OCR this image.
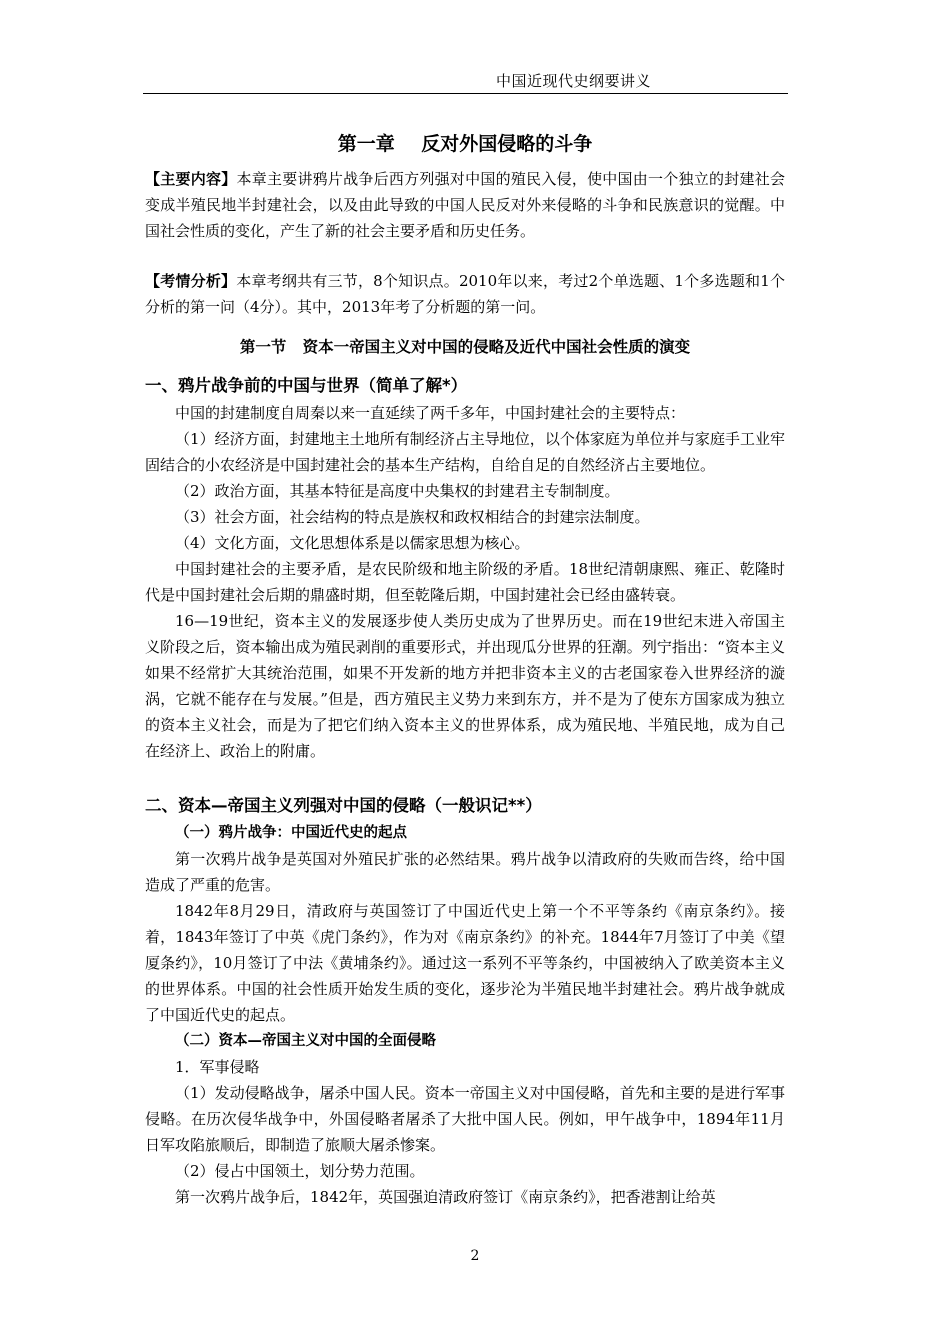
中国近现代史纲要讲义
第一章    反对外国侵略的斗争

【主要内容】本章主要讲鸦片战争后西方列强对中国的殖民入侵，使中国由一个独立的封建社会变成半殖民地半封建社会，以及由此导致的中国人民反对外来侵略的斗争和民族意识的觉醒。中国社会性质的变化，产生了新的社会主要矛盾和历史任务。

【考情分析】本章考纲共有三节，8个知识点。2010年以来，考过2个单选题、1个多选题和1个分析的第一问（4分）。其中，2013年考了分析题的第一问。

第一节   资本一帝国主义对中国的侵略及近代中国社会性质的演变
一、鸦片战争前的中国与世界（简单了解*）

中国的封建制度自周秦以来一直延续了两千多年，中国封建社会的主要特点：

（1）经济方面，封建地主土地所有制经济占主导地位，以个体家庭为单位并与家庭手工业牢固结合的小农经济是中国封建社会的基本生产结构，自给自足的自然经济占主要地位。

（2）政治方面，其基本特征是高度中央集权的封建君主专制制度。

（3）社会方面，社会结构的特点是族权和政权相结合的封建宗法制度。

（4）文化方面，文化思想体系是以儒家思想为核心。

中国封建社会的主要矛盾，是农民阶级和地主阶级的矛盾。18世纪清朝康熙、雍正、乾隆时代是中国封建社会后期的鼎盛时期，但至乾隆后期，中国封建社会已经由盛转衰。

16—19世纪，资本主义的发展逐步使人类历史成为了世界历史。而在19世纪末进入帝国主义阶段之后，资本输出成为殖民剥削的重要形式，并出现瓜分世界的狂潮。列宁指出：“资本主义如果不经常扩大其统治范围，如果不开发新的地方并把非资本主义的古老国家卷入世界经济的漩涡，它就不能存在与发展。”但是，西方殖民主义势力来到东方，并不是为了使东方国家成为独立的资本主义社会，而是为了把它们纳入资本主义的世界体系，成为殖民地、半殖民地，成为自己在经济上、政治上的附庸。

二、资本—帝国主义列强对中国的侵略（一般识记**）
（一）鸦片战争：中国近代史的起点

第一次鸦片战争是英国对外殖民扩张的必然结果。鸦片战争以清政府的失败而告终，给中国造成了严重的危害。

1842年8月29日，清政府与英国签订了中国近代史上第一个不平等条约《南京条约》。接着，1843年签订了中英《虎门条约》，作为对《南京条约》的补充。1844年7月签订了中美《望厦条约》，10月签订了中法《黄埔条约》。通过这一系列不平等条约，中国被纳入了欧美资本主义的世界体系。中国的社会性质开始发生质的变化，逐步沦为半殖民地半封建社会。鸦片战争就成了中国近代史的起点。

（二）资本—帝国主义对中国的全面侵略

1．军事侵略

（1）发动侵略战争，屠杀中国人民。资本一帝国主义对中国侵略，首先和主要的是进行军事侵略。在历次侵华战争中，外国侵略者屠杀了大批中国人民。例如，甲午战争中，1894年11月日军攻陷旅顺后，即制造了旅顺大屠杀惨案。

（2）侵占中国领土，划分势力范围。

第一次鸦片战争后，1842年，英国强迫清政府签订《南京条约》，把香港割让给英

2
